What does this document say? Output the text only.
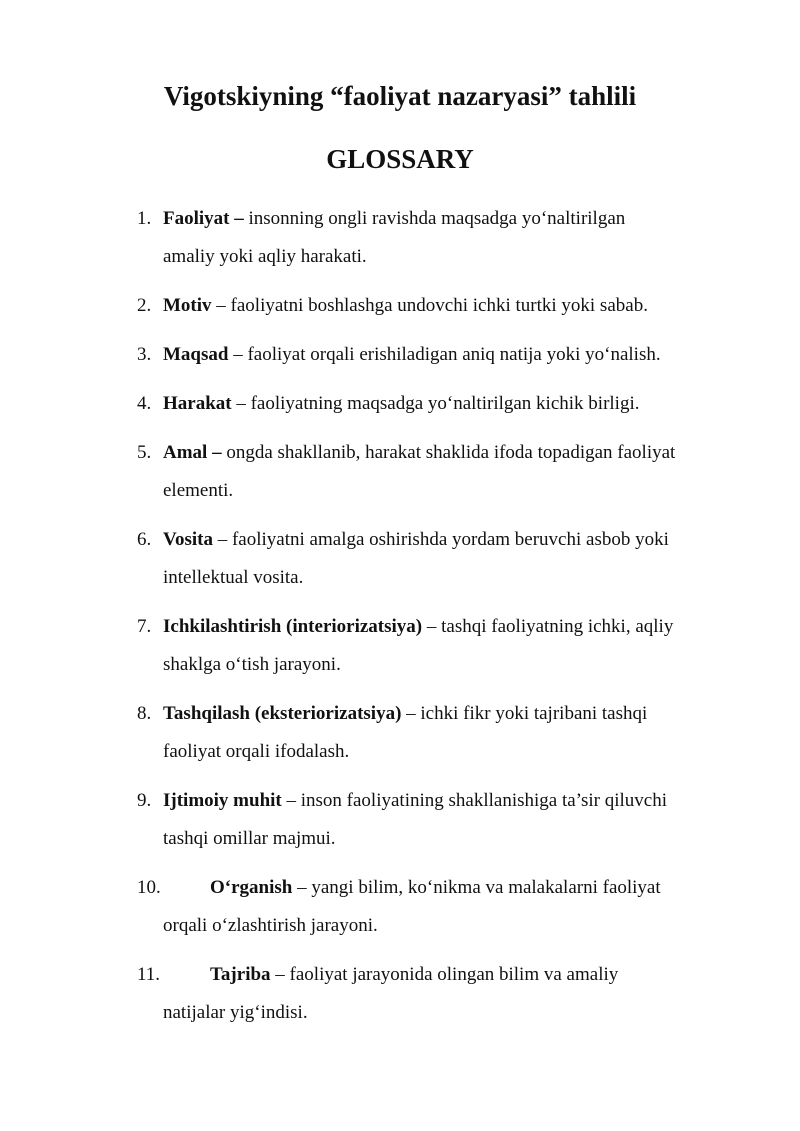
Vigotskiyning “faoliyat nazaryasi” tahlili
GLOSSARY
1. Faoliyat – insonning ongli ravishda maqsadga yo‘naltirilgan
amaliy yoki aqliy harakati.
2. Motiv – faoliyatni boshlashga undovchi ichki turtki yoki sabab.
3. Maqsad – faoliyat orqali erishiladigan aniq natija yoki yo‘nalish.
4. Harakat – faoliyatning maqsadga yo‘naltirilgan kichik birligi.
5. Amal – ongda shakllanib, harakat shaklida ifoda topadigan faoliyat
elementi.
6. Vosita – faoliyatni amalga oshirishda yordam beruvchi asbob yoki
intellektual vosita.
7. Ichkilashtirish (interiorizatsiya) – tashqi faoliyatning ichki, aqliy
shaklga o‘tish jarayoni.
8. Tashqilash (eksteriorizatsiya) – ichki fikr yoki tajribani tashqi
faoliyat orqali ifodalash.
9. Ijtimoiy muhit – inson faoliyatining shakllanishiga ta’sir qiluvchi
tashqi omillar majmui.
10.	O‘rganish – yangi bilim, ko‘nikma va malakalarni faoliyat
orqali o‘zlashtirish jarayoni.
11.	Tajriba – faoliyat jarayonida olingan bilim va amaliy
natijalar yig‘indisi.
